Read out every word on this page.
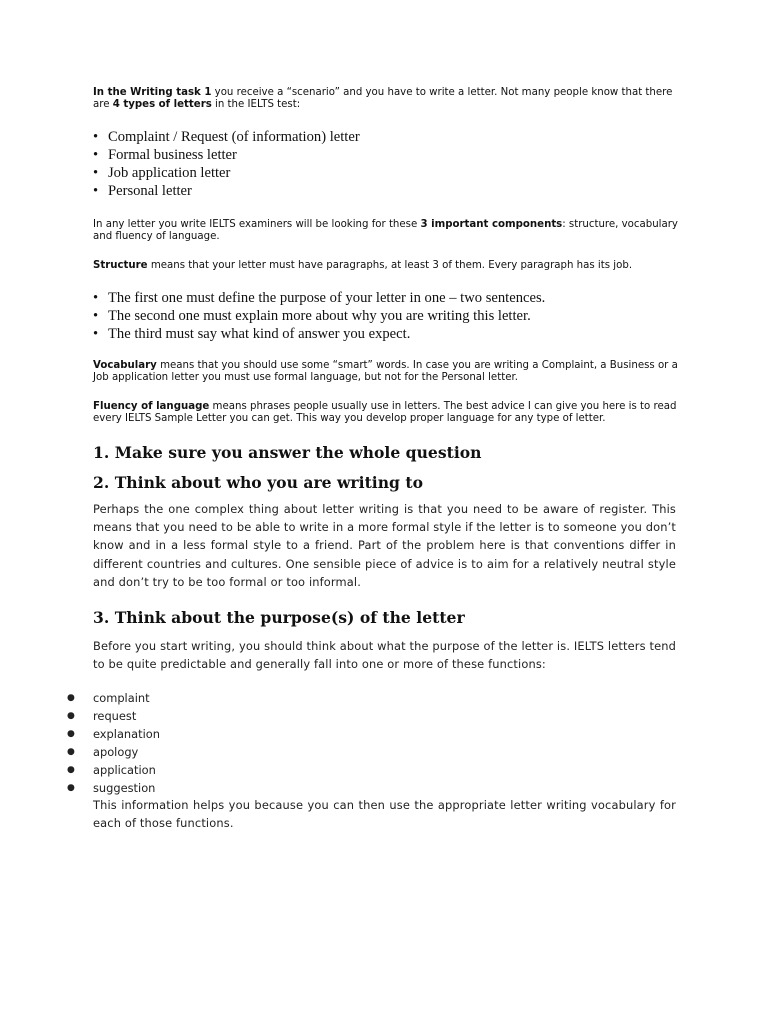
In the Writing task 1 you receive a “scenario” and you have to write a letter. Not many people know that there are 4 types of letters in the IELTS test:
• Complaint / Request (of information) letter
• Formal business letter
• Job application letter
• Personal letter
In any letter you write IELTS examiners will be looking for these 3 important components: structure, vocabulary and fluency of language.
Structure means that your letter must have paragraphs, at least 3 of them. Every paragraph has its job.
• The first one must define the purpose of your letter in one – two sentences.
• The second one must explain more about why you are writing this letter.
• The third must say what kind of answer you expect.
Vocabulary means that you should use some “smart” words. In case you are writing a Complaint, a Business or a Job application letter you must use formal language, but not for the Personal letter.
Fluency of language means phrases people usually use in letters. The best advice I can give you here is to read every IELTS Sample Letter you can get. This way you develop proper language for any type of letter.
1. Make sure you answer the whole question
2. Think about who you are writing to
Perhaps the one complex thing about letter writing is that you need to be aware of register. This means that you need to be able to write in a more formal style if the letter is to someone you don’t know and in a less formal style to a friend. Part of the problem here is that conventions differ in different countries and cultures. One sensible piece of advice is to aim for a relatively neutral style and don’t try to be too formal or too informal.
3. Think about the purpose(s) of the letter
Before you start writing, you should think about what the purpose of the letter is. IELTS letters tend to be quite predictable and generally fall into one or more of these functions:
● complaint
● request
● explanation
● apology
● application
● suggestion
This information helps you because you can then use the appropriate letter writing vocabulary for each of those functions.
